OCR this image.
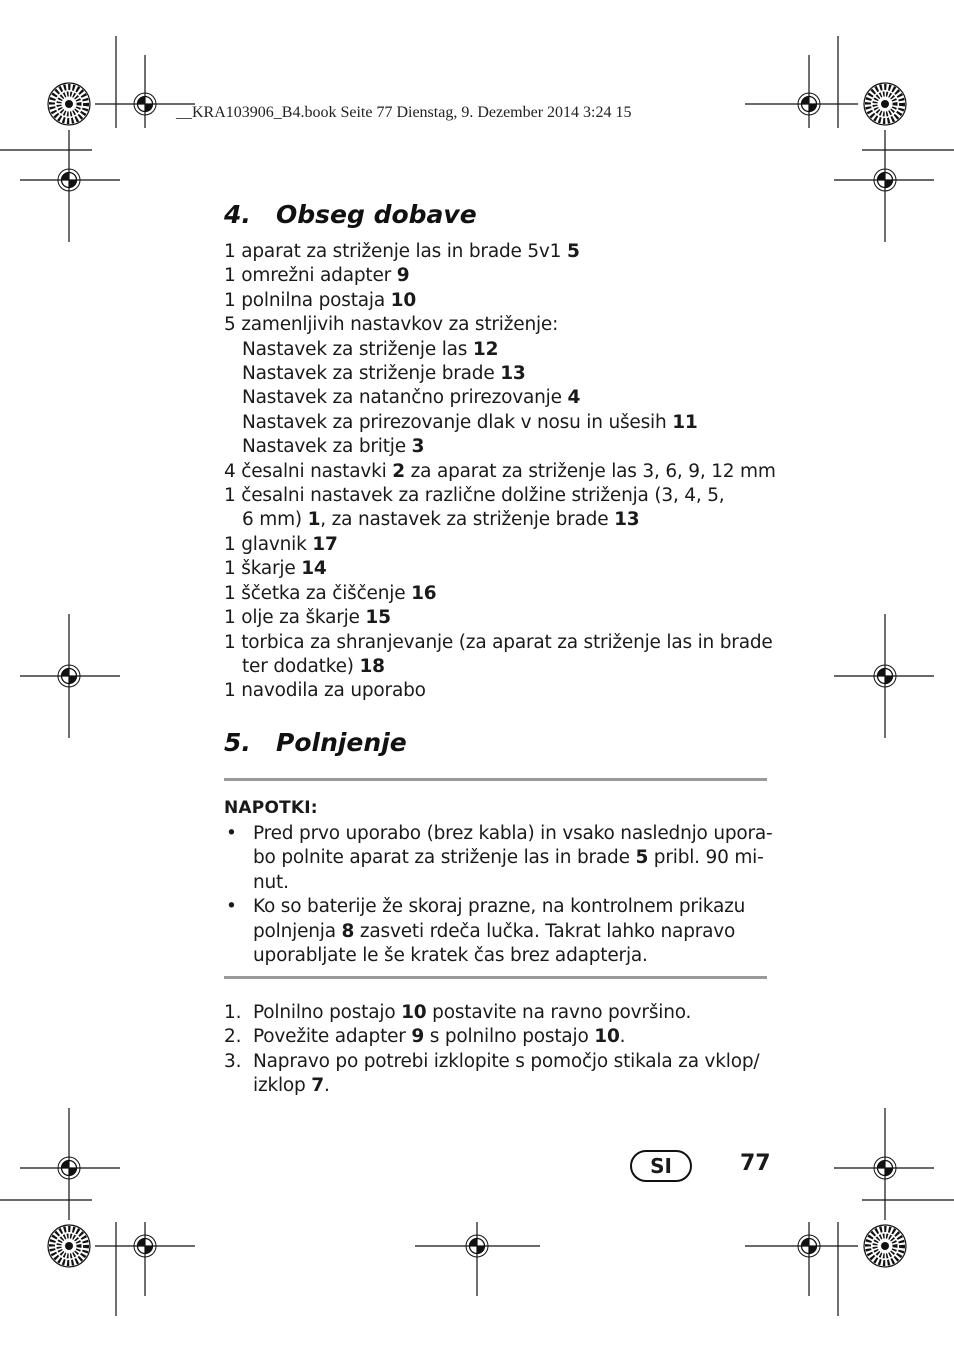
__KRA103906_B4.book Seite 77 Dienstag, 9. Dezember 2014 3:24 15
4. Obseg dobave
1 aparat za striženje las in brade 5v1 5
1 omrežni adapter 9
1 polnilna postaja 10
5 zamenljivih nastavkov za striženje:
Nastavek za striženje las 12
Nastavek za striženje brade 13
Nastavek za natančno prirezovanje 4
Nastavek za prirezovanje dlak v nosu in ušesih 11
Nastavek za britje 3
4 česalni nastavki 2 za aparat za striženje las 3, 6, 9, 12 mm
1 česalni nastavek za različne dolžine striženja (3, 4, 5,
6 mm) 1, za nastavek za striženje brade 13
1 glavnik 17
1 škarje 14
1 ščetka za čiščenje 16
1 olje za škarje 15
1 torbica za shranjevanje (za aparat za striženje las in brade
ter dodatke) 18
1 navodila za uporabo
5. Polnjenje
NAPOTKI:
• Pred prvo uporabo (brez kabla) in vsako naslednjo upora-
bo polnite aparat za striženje las in brade 5 pribl. 90 mi-
nut.
• Ko so baterije že skoraj prazne, na kontrolnem prikazu
polnjenja 8 zasveti rdeča lučka. Takrat lahko napravo
uporabljate le še kratek čas brez adapterja.
1. Polnilno postajo 10 postavite na ravno površino.
2. Povežite adapter 9 s polnilno postajo 10.
3. Napravo po potrebi izklopite s pomočjo stikala za vklop/
izklop 7.
SI	77
